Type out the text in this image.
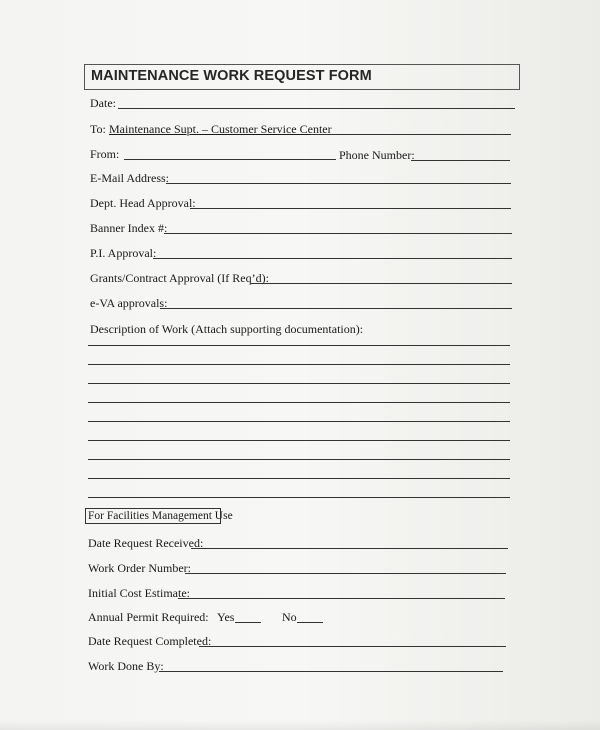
MAINTENANCE WORK REQUEST FORM
Date:
To: Maintenance Supt. – Customer Service Center
From:	Phone Number:
E-Mail Address:
Dept. Head Approval:
Banner Index #:
P.I. Approval:
Grants/Contract Approval (If Req’d):
e-VA approvals:
Description of Work (Attach supporting documentation):
For Facilities Management Use
Date Request Received:
Work Order Number:
Initial Cost Estimate:
Annual Permit Required: Yes	No
Date Request Completed:
Work Done By:
